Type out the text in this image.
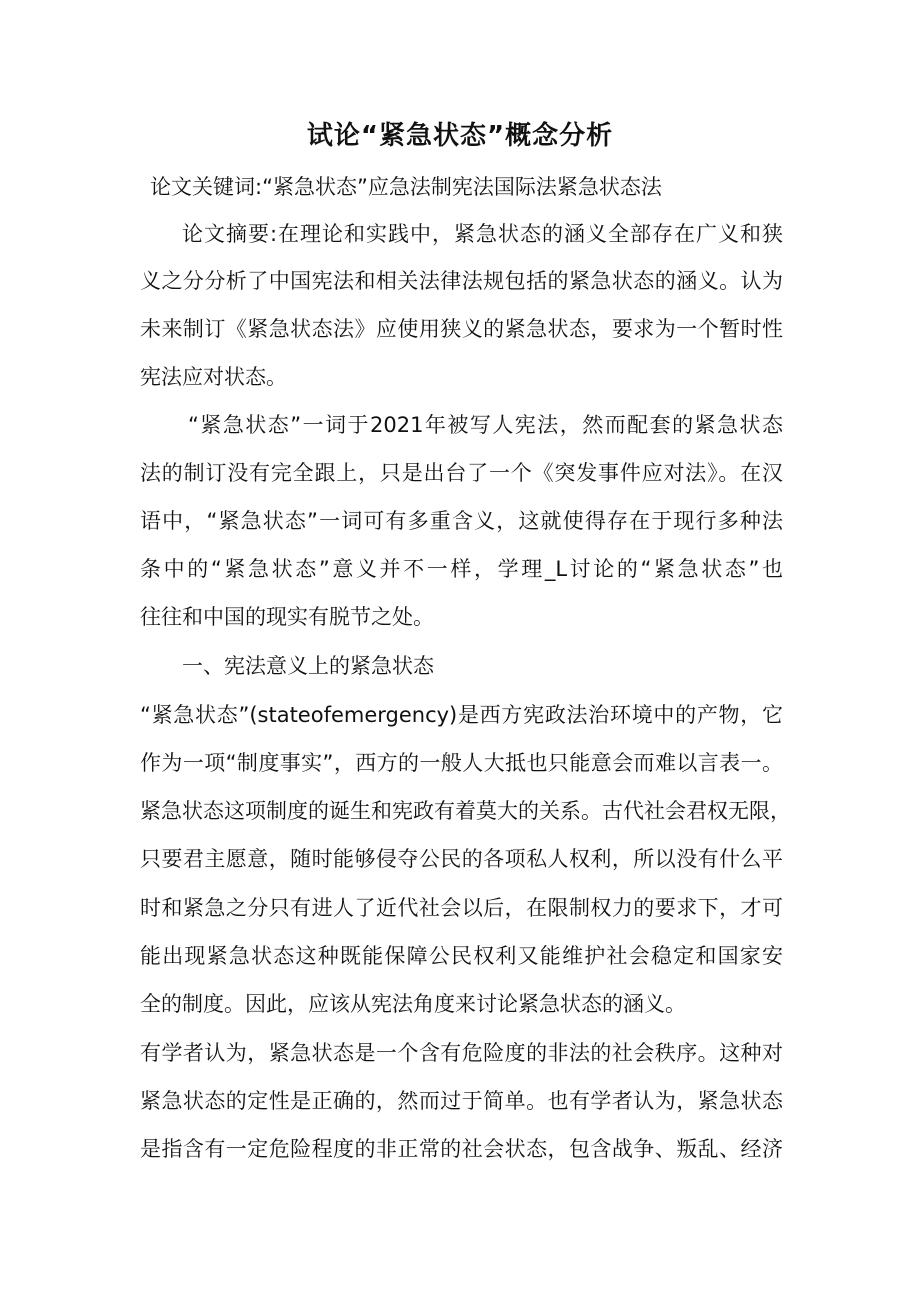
试论“紧急状态”概念分析
论文关键词:“紧急状态”应急法制宪法国际法紧急状态法
论文摘要:在理论和实践中，紧急状态的涵义全部存在广义和狭
义之分分析了中国宪法和相关法律法规包括的紧急状态的涵义。认为
未来制订《紧急状态法》应使用狭义的紧急状态，要求为一个暂时性
宪法应对状态。
“紧急状态”一词于2021年被写人宪法，然而配套的紧急状态
法的制订没有完全跟上，只是出台了一个《突发事件应对法》。在汉
语中，“紧急状态”一词可有多重含义，这就使得存在于现行多种法
条中的“紧急状态”意义并不一样，学理_L讨论的“紧急状态”也
往往和中国的现实有脱节之处。
一、宪法意义上的紧急状态
“紧急状态”(stateofemergency)是西方宪政法治环境中的产物，它
作为一项“制度事实”，西方的一般人大抵也只能意会而难以言表一。
紧急状态这项制度的诞生和宪政有着莫大的关系。古代社会君权无限，
只要君主愿意，随时能够侵夺公民的各项私人权利，所以没有什么平
时和紧急之分只有进人了近代社会以后，在限制权力的要求下，才可
能出现紧急状态这种既能保障公民权利又能维护社会稳定和国家安
全的制度。因此，应该从宪法角度来讨论紧急状态的涵义。
有学者认为，紧急状态是一个含有危险度的非法的社会秩序。这种对
紧急状态的定性是正确的，然而过于简单。也有学者认为，紧急状态
是指含有一定危险程度的非正常的社会状态，包含战争、叛乱、经济
